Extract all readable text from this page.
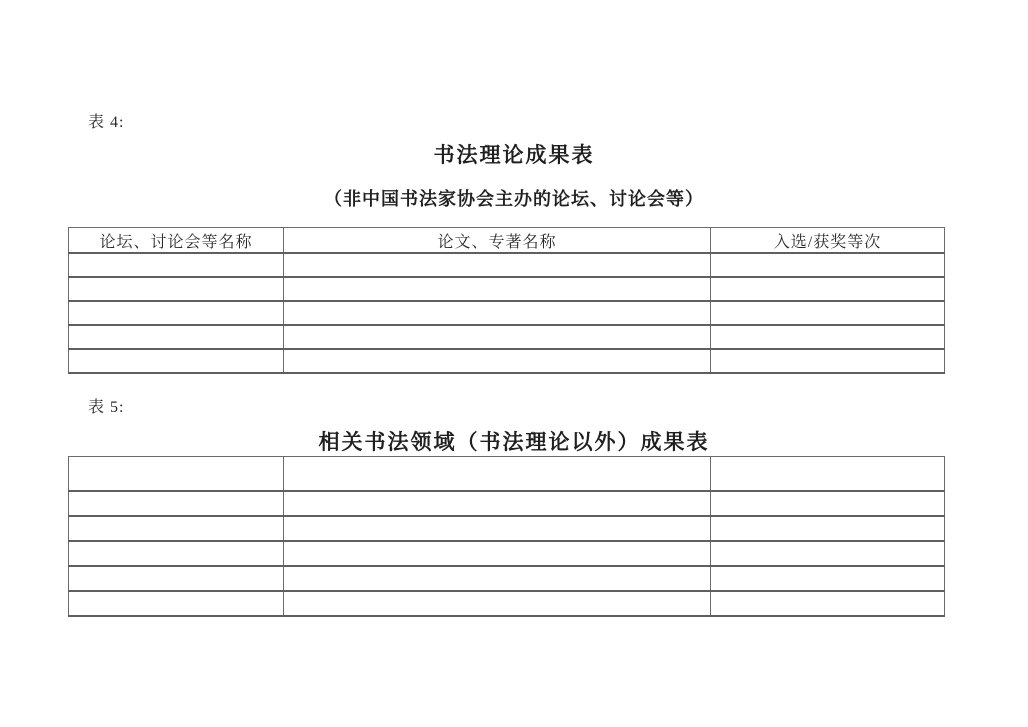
表 4:
书法理论成果表
（非中国书法家协会主办的论坛、讨论会等）
论坛、讨论会等名称	论文、专著名称	入选/获奖等次

表 5:
相关书法领域（书法理论以外）成果表
